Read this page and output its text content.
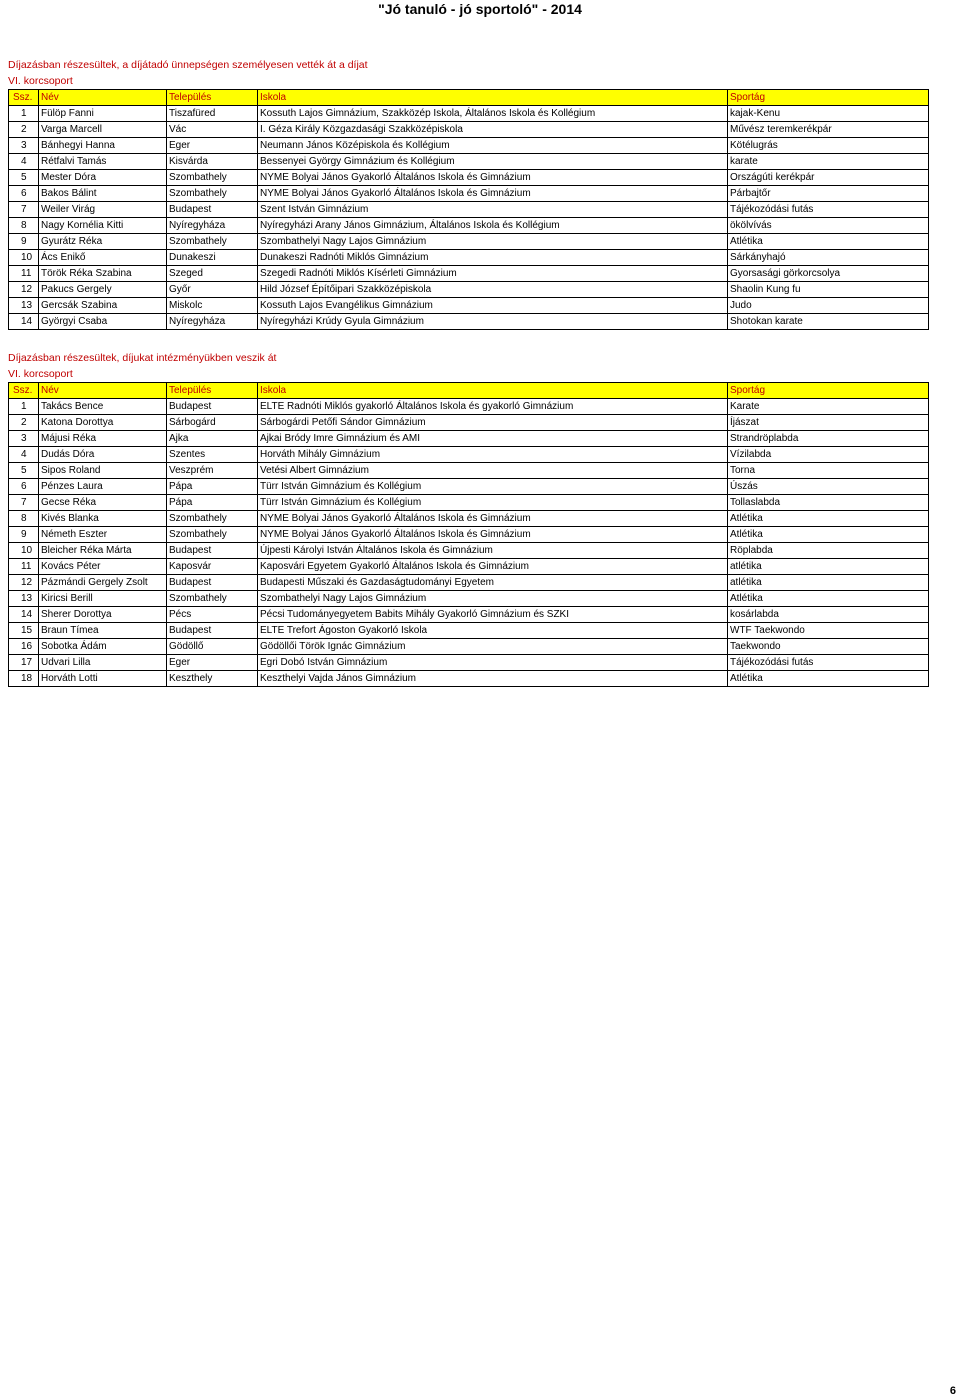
"Jó tanuló - jó sportoló" - 2014
Díjazásban részesültek, a díjátadó ünnepségen személyesen vették át a díjat
VI. korcsoport
Ssz.	Név	Település	Iskola	Sportág
1	Fülöp Fanni	Tiszafüred	Kossuth Lajos Gimnázium, Szakközép Iskola, Általános Iskola és Kollégium	kajak-Kenu
2	Varga Marcell	Vác	I. Géza Király Közgazdasági Szakközépiskola	Művész teremkerékpár
3	Bánhegyi Hanna	Eger	Neumann János Középiskola és Kollégium	Kötélugrás
4	Rétfalvi Tamás	Kisvárda	Bessenyei György Gimnázium és Kollégium	karate
5	Mester Dóra	Szombathely	NYME Bolyai János Gyakorló Általános Iskola és Gimnázium	Országúti kerékpár
6	Bakos Bálint	Szombathely	NYME Bolyai János Gyakorló Általános Iskola és Gimnázium	Párbajtőr
7	Weiler Virág	Budapest	Szent István Gimnázium	Tájékozódási futás
8	Nagy Kornélia Kitti	Nyíregyháza	Nyíregyházi Arany János Gimnázium, Általános Iskola és Kollégium	ökölvívás
9	Gyurátz Réka	Szombathely	Szombathelyi Nagy Lajos Gimnázium	Atlétika
10	Ács Enikő	Dunakeszi	Dunakeszi Radnóti Miklós Gimnázium	Sárkányhajó
11	Török Réka Szabina	Szeged	Szegedi Radnóti Miklós Kísérleti Gimnázium	Gyorsasági görkorcsolya
12	Pakucs Gergely	Győr	Hild József Építőipari Szakközépiskola	Shaolin Kung fu
13	Gercsák Szabina	Miskolc	Kossuth Lajos Evangélikus Gimnázium	Judo
14	Györgyi Csaba	Nyíregyháza	Nyíregyházi Krúdy Gyula Gimnázium	Shotokan karate
Díjazásban részesültek, díjukat intézményükben veszik át
VI. korcsoport
Ssz.	Név	Település	Iskola	Sportág
1	Takács Bence	Budapest	ELTE Radnóti Miklós gyakorló Általános Iskola és gyakorló Gimnázium	Karate
2	Katona Dorottya	Sárbogárd	Sárbogárdi Petőfi Sándor Gimnázium	Íjászat
3	Májusi Réka	Ajka	Ajkai Bródy Imre Gimnázium és AMI	Strandröplabda
4	Dudás Dóra	Szentes	Horváth Mihály Gimnázium	Vízilabda
5	Sipos Roland	Veszprém	Vetési Albert Gimnázium	Torna
6	Pénzes Laura	Pápa	Türr István Gimnázium és Kollégium	Úszás
7	Gecse Réka	Pápa	Türr István Gimnázium és Kollégium	Tollaslabda
8	Kivés Blanka	Szombathely	NYME Bolyai János Gyakorló Általános Iskola és Gimnázium	Atlétika
9	Németh Eszter	Szombathely	NYME Bolyai János Gyakorló Általános Iskola és Gimnázium	Atlétika
10	Bleicher Réka Márta	Budapest	Újpesti Károlyi István Általános Iskola és Gimnázium	Röplabda
11	Kovács Péter	Kaposvár	Kaposvári Egyetem Gyakorló Általános Iskola és Gimnázium	atlétika
12	Pázmándi Gergely Zsolt	Budapest	Budapesti Műszaki és Gazdaságtudományi Egyetem	atlétika
13	Kiricsi Berill	Szombathely	Szombathelyi Nagy Lajos Gimnázium	Atlétika
14	Sherer Dorottya	Pécs	Pécsi Tudományegyetem Babits Mihály Gyakorló Gimnázium és SZKI	kosárlabda
15	Braun Tímea	Budapest	ELTE Trefort Ágoston Gyakorló Iskola	WTF Taekwondo
16	Sobotka Ádám	Gödöllő	Gödöllői Török Ignác Gimnázium	Taekwondo
17	Udvari Lilla	Eger	Egri Dobó István Gimnázium	Tájékozódási futás
18	Horváth Lotti	Keszthely	Keszthelyi Vajda János Gimnázium	Atlétika
6
